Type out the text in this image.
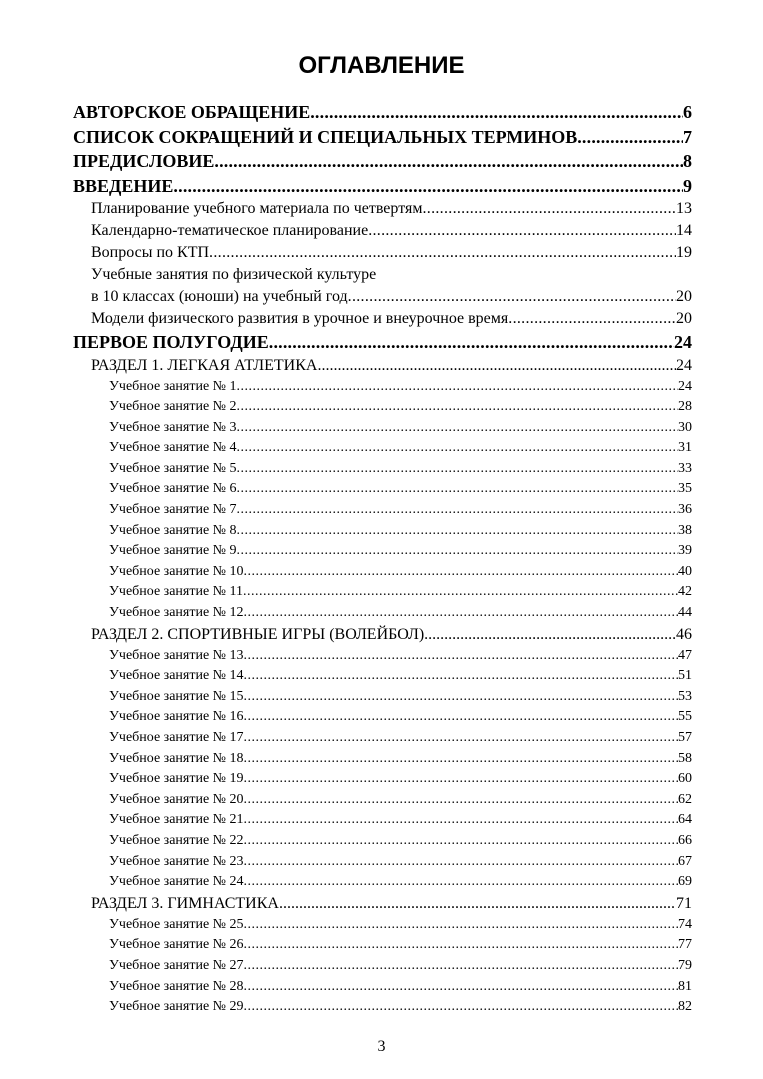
ОГЛАВЛЕНИЕ
АВТОРСКОЕ ОБРАЩЕНИЕ .....	6
СПИСОК СОКРАЩЕНИЙ И СПЕЦИАЛЬНЫХ ТЕРМИНОВ .....	7
ПРЕДИСЛОВИЕ .....	8
ВВЕДЕНИЕ .....	9
Планирование учебного материала по четвертям .....	13
Календарно-тематическое планирование .....	14
Вопросы по КТП .....	19
Учебные занятия по физической культуре
в 10 классах (юноши) на учебный год .....	20
Модели физического развития в урочное и внеурочное время .....	20
ПЕРВОЕ ПОЛУГОДИЕ .....	24
РАЗДЕЛ 1. ЛЕГКАЯ АТЛЕТИКА .....	24
Учебное занятие № 1 .....	24
Учебное занятие № 2 .....	28
Учебное занятие № 3 .....	30
Учебное занятие № 4 .....	31
Учебное занятие № 5 .....	33
Учебное занятие № 6 .....	35
Учебное занятие № 7 .....	36
Учебное занятие № 8 .....	38
Учебное занятие № 9 .....	39
Учебное занятие № 10 .....	40
Учебное занятие № 11 .....	42
Учебное занятие № 12 .....	44
РАЗДЕЛ 2. СПОРТИВНЫЕ ИГРЫ (ВОЛЕЙБОЛ) .....	46
Учебное занятие № 13 .....	47
Учебное занятие № 14 .....	51
Учебное занятие № 15 .....	53
Учебное занятие № 16 .....	55
Учебное занятие № 17 .....	57
Учебное занятие № 18 .....	58
Учебное занятие № 19 .....	60
Учебное занятие № 20 .....	62
Учебное занятие № 21 .....	64
Учебное занятие № 22 .....	66
Учебное занятие № 23 .....	67
Учебное занятие № 24 .....	69
РАЗДЕЛ 3. ГИМНАСТИКА .....	71
Учебное занятие № 25 .....	74
Учебное занятие № 26 .....	77
Учебное занятие № 27 .....	79
Учебное занятие № 28 .....	81
Учебное занятие № 29 .....	82
3
